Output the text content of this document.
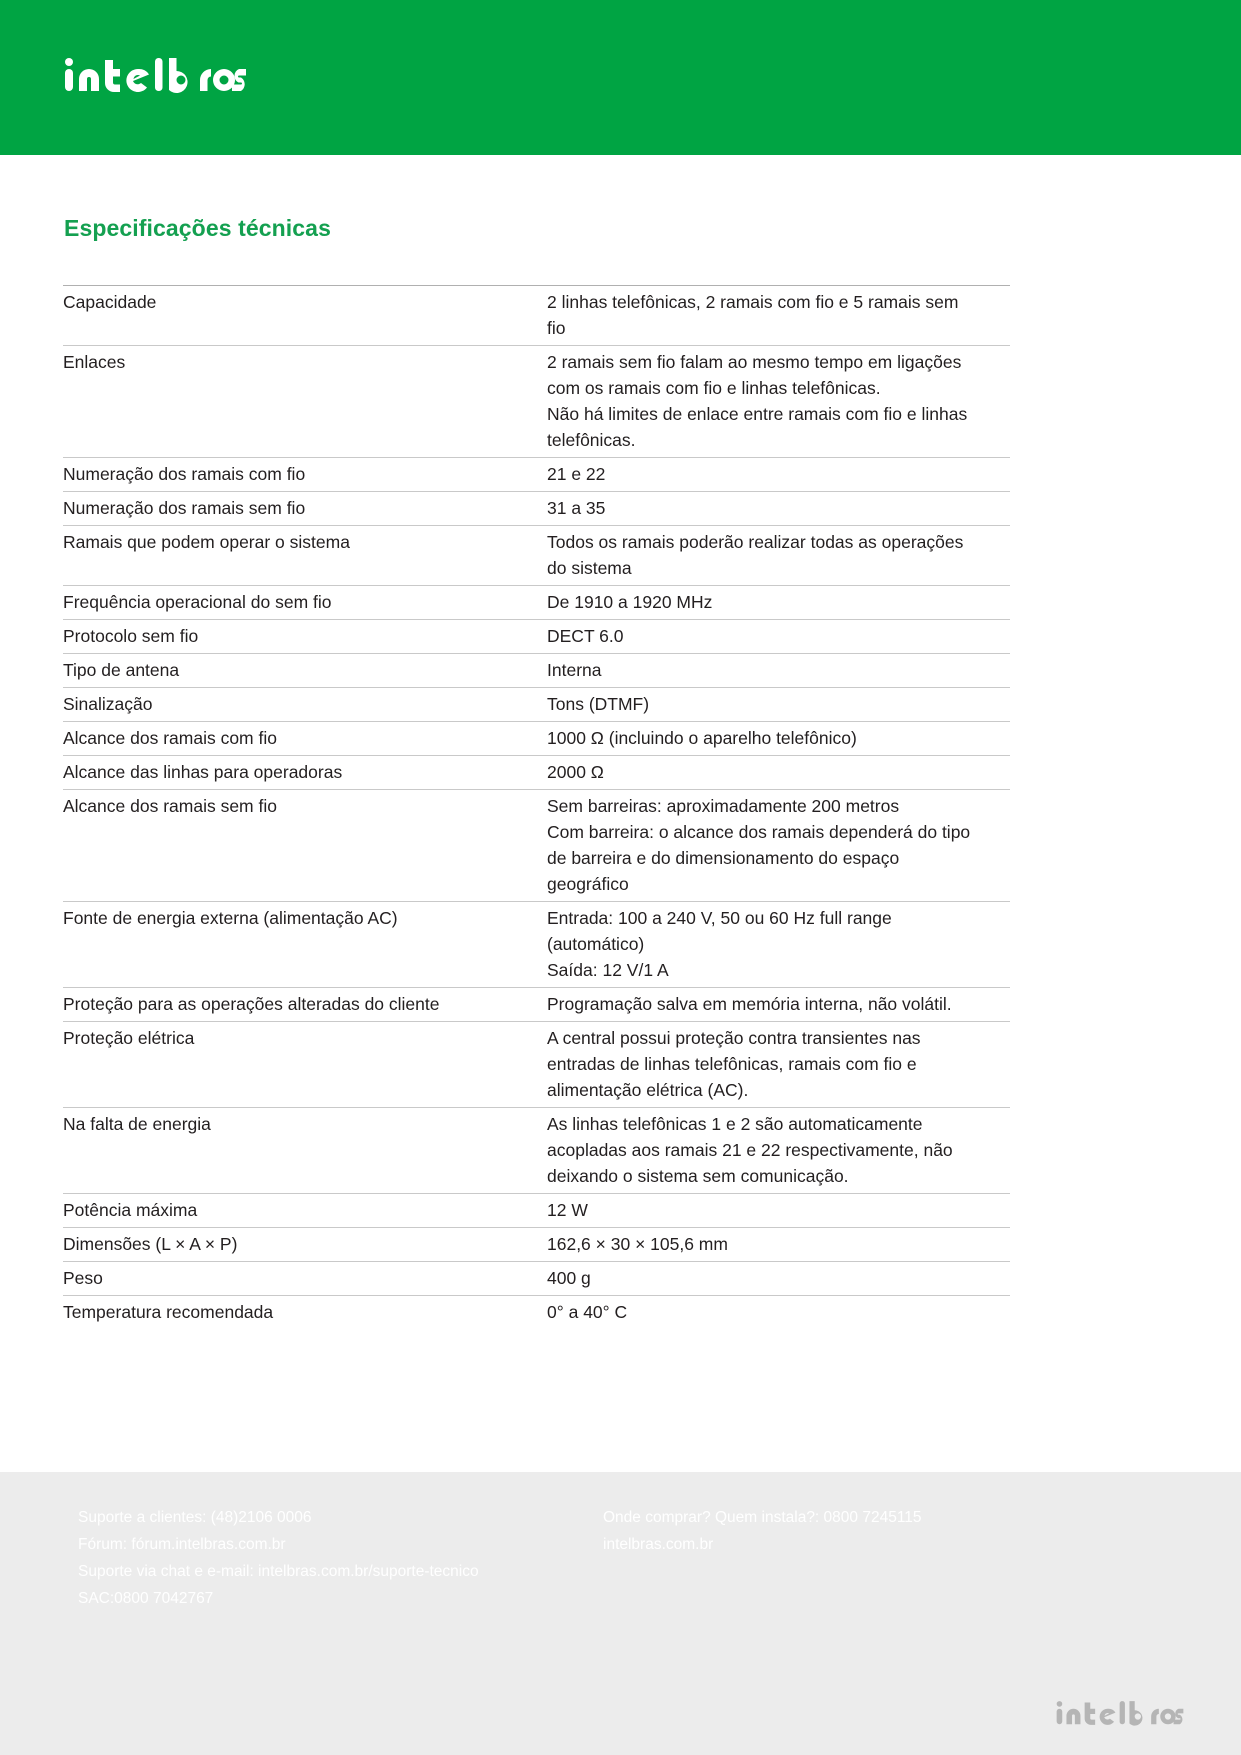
Especificações técnicas
Capacidade	2 linhas telefônicas, 2 ramais com fio e 5 ramais sem
fio

Enlaces	2 ramais sem fio falam ao mesmo tempo em ligações
com os ramais com fio e linhas telefônicas.
Não há limites de enlace entre ramais com fio e linhas
telefônicas.

Numeração dos ramais com fio	21 e 22

Numeração dos ramais sem fio	31 a 35

Ramais que podem operar o sistema	Todos os ramais poderão realizar todas as operações
do sistema

Frequência operacional do sem fio	De 1910 a 1920 MHz

Protocolo sem fio	DECT 6.0

Tipo de antena	Interna

Sinalização	Tons (DTMF)

Alcance dos ramais com fio	1000 Ω (incluindo o aparelho telefônico)

Alcance das linhas para operadoras	2000 Ω

Alcance dos ramais sem fio	Sem barreiras: aproximadamente 200 metros
Com barreira: o alcance dos ramais dependerá do tipo
de barreira e do dimensionamento do espaço
geográfico

Fonte de energia externa (alimentação AC)	Entrada: 100 a 240 V, 50 ou 60 Hz full range
(automático)
Saída: 12 V/1 A

Proteção para as operações alteradas do cliente	Programação salva em memória interna, não volátil.

Proteção elétrica	A central possui proteção contra transientes nas
entradas de linhas telefônicas, ramais com fio e
alimentação elétrica (AC).

Na falta de energia	As linhas telefônicas 1 e 2 são automaticamente
acopladas aos ramais 21 e 22 respectivamente, não
deixando o sistema sem comunicação.

Potência máxima	12 W

Dimensões (L × A × P)	162,6 × 30 × 105,6 mm

Peso	400 g

Temperatura recomendada	0° a 40° C
Suporte a clientes: (48)2106 0006
Fórum: fórum.intelbras.com.br
Suporte via chat e e-mail: intelbras.com.br/suporte-tecnico
SAC:0800 7042767
Onde comprar? Quem instala?: 0800 7245115
intelbras.com.br
